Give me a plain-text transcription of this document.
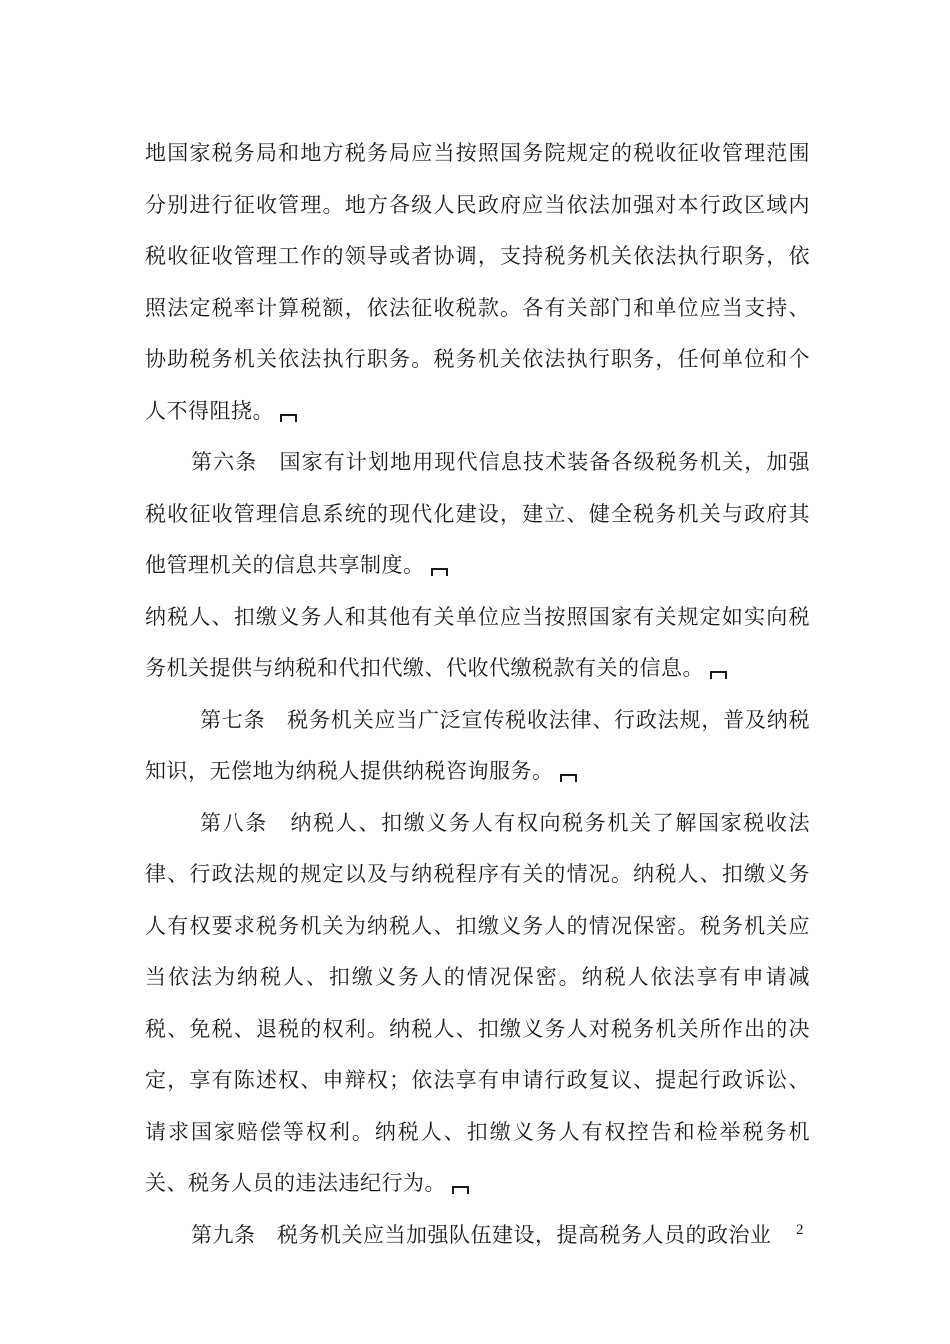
地国家税务局和地方税务局应当按照国务院规定的税收征收管理范围分别进行征收管理。地方各级人民政府应当依法加强对本行政区域内税收征收管理工作的领导或者协调，支持税务机关依法执行职务，依照法定税率计算税额，依法征收税款。各有关部门和单位应当支持、协助税务机关依法执行职务。税务机关依法执行职务，任何单位和个人不得阻挠。

第六条　国家有计划地用现代信息技术装备各级税务机关，加强税收征收管理信息系统的现代化建设，建立、健全税务机关与政府其他管理机关的信息共享制度。

纳税人、扣缴义务人和其他有关单位应当按照国家有关规定如实向税务机关提供与纳税和代扣代缴、代收代缴税款有关的信息。

第七条　税务机关应当广泛宣传税收法律、行政法规，普及纳税知识，无偿地为纳税人提供纳税咨询服务。

第八条　纳税人、扣缴义务人有权向税务机关了解国家税收法律、行政法规的规定以及与纳税程序有关的情况。纳税人、扣缴义务人有权要求税务机关为纳税人、扣缴义务人的情况保密。税务机关应当依法为纳税人、扣缴义务人的情况保密。纳税人依法享有申请减税、免税、退税的权利。纳税人、扣缴义务人对税务机关所作出的决定，享有陈述权、申辩权；依法享有申请行政复议、提起行政诉讼、请求国家赔偿等权利。纳税人、扣缴义务人有权控告和检举税务机关、税务人员的违法违纪行为。

第九条　税务机关应当加强队伍建设，提高税务人员的政治业	2
